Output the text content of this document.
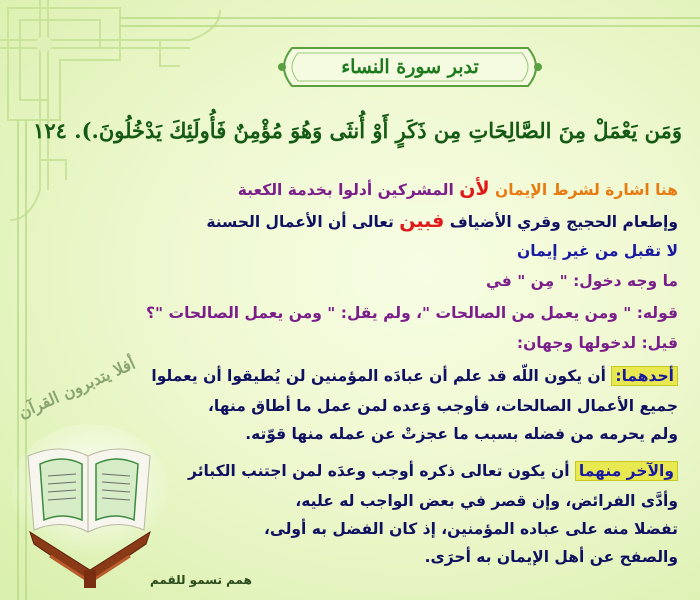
تدبر سورة النساء
وَمَن يَعْمَلْ مِنَ الصَّالِحَاتِ مِن ذَكَرٍ أَوْ أُنثَى وَهُوَ مُؤْمِنٌ فَأُولَئِكَ يَدْخُلُونَ.). ١٢٤
هنا اشارة لشرط الإيمان لأن المشركين أدلوا بخدمة الكعبة
وإطعام الحجيج وقري الأضياف فبين تعالى أن الأعمال الحسنة
لا تقبل من غير إيمان
ما وجه دخول: " مِن " في
قوله: " ومن يعمل من الصالحات "، ولم يقل: " ومن يعمل الصالحات "؟
قيل: لدخولها وجهان:
أحدهما: أن يكون اللّه قد علم أن عبادَه المؤمنين لن يُطيقوا أن يعملوا
جميع الأعمال الصالحات، فأوجب وَعده لمن عمل ما أطاق منها،
ولم يحرمه من فضله بسبب ما عجزتْ عن عمله منها قوّته.
والآخر منهما أن يكون تعالى ذكره أوجب وعدَه لمن اجتنب الكبائر
وأدَّى الفرائض، وإن قصر في بعض الواجب له عليه،
تفضلا منه على عباده المؤمنين، إذ كان الفضل به أولى،
والصفح عن أهل الإيمان به أحرَى.
أفلا يتدبرون القرآن
همم تسمو للقمم
